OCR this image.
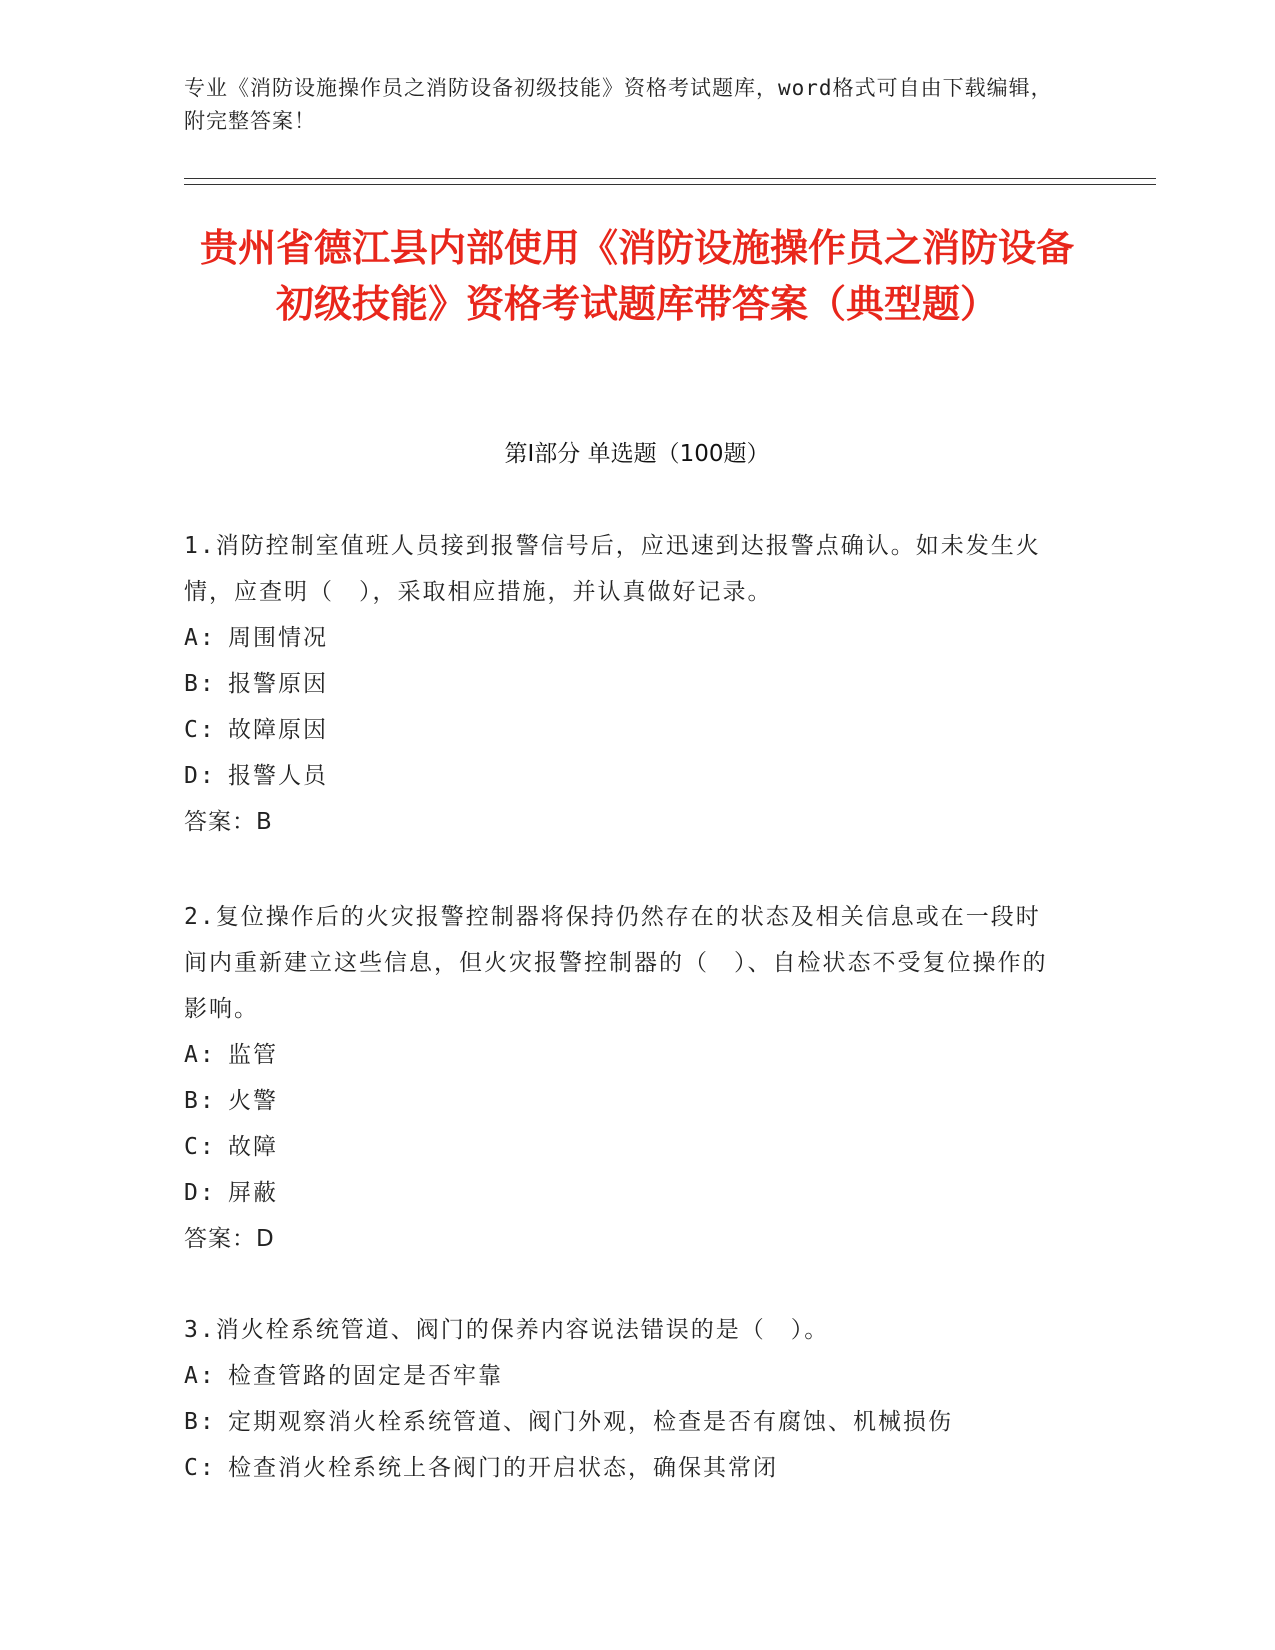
专业《消防设施操作员之消防设备初级技能》资格考试题库，word格式可自由下载编辑，附完整答案！
贵州省德江县内部使用《消防设施操作员之消防设备初级技能》资格考试题库带答案（典型题）
第Ⅰ部分 单选题（100题）

1.消防控制室值班人员接到报警信号后，应迅速到达报警点确认。如未发生火情，应查明（　），采取相应措施，并认真做好记录。

A: 周围情况

B: 报警原因

C: 故障原因

D: 报警人员

答案：B

2.复位操作后的火灾报警控制器将保持仍然存在的状态及相关信息或在一段时间内重新建立这些信息，但火灾报警控制器的（　）、自检状态不受复位操作的影响。

A: 监管

B: 火警

C: 故障

D: 屏蔽

答案：D

3.消火栓系统管道、阀门的保养内容说法错误的是（　）。

A: 检查管路的固定是否牢靠

B: 定期观察消火栓系统管道、阀门外观，检查是否有腐蚀、机械损伤

C: 检查消火栓系统上各阀门的开启状态，确保其常闭
